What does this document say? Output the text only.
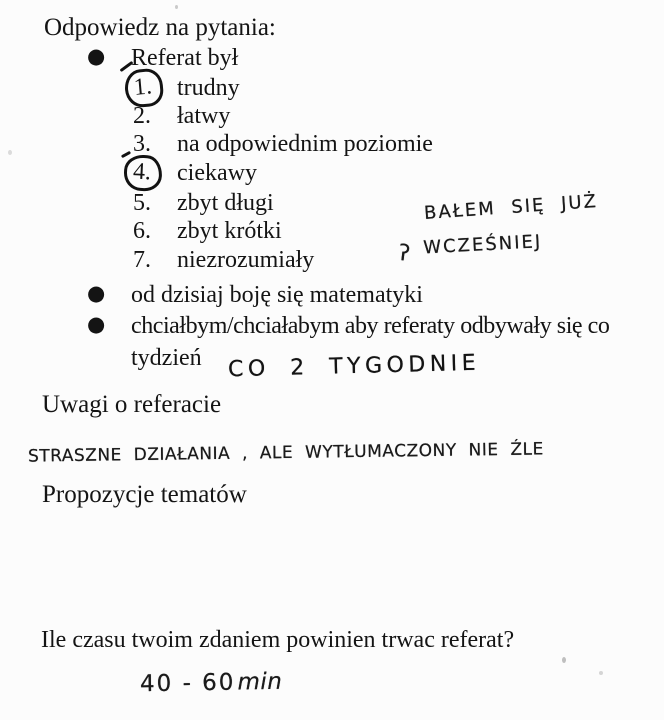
Odpowiedz na pytania:
● Referat był
1. trudny
2. łatwy
3. na odpowiednim poziomie
4.	ciekawy
5. zbyt długi
6. zbyt krótki
7. niezrozumiały
BAŁEM SIĘ JUŻ
ʔ WCZEŚNIEJ
● od dzisiaj boję się matematyki
● chciałbym/chciałabym aby referaty odbywały się co
tydzień CO 2 TYGODNIE
Uwagi o referacie
STRASZNE DZIAŁANIA , ALE WYTŁUMACZONY NIE ŹLE
Propozycje tematów
Ile czasu twoim zdaniem powinien trwac referat?
40 - 60min
